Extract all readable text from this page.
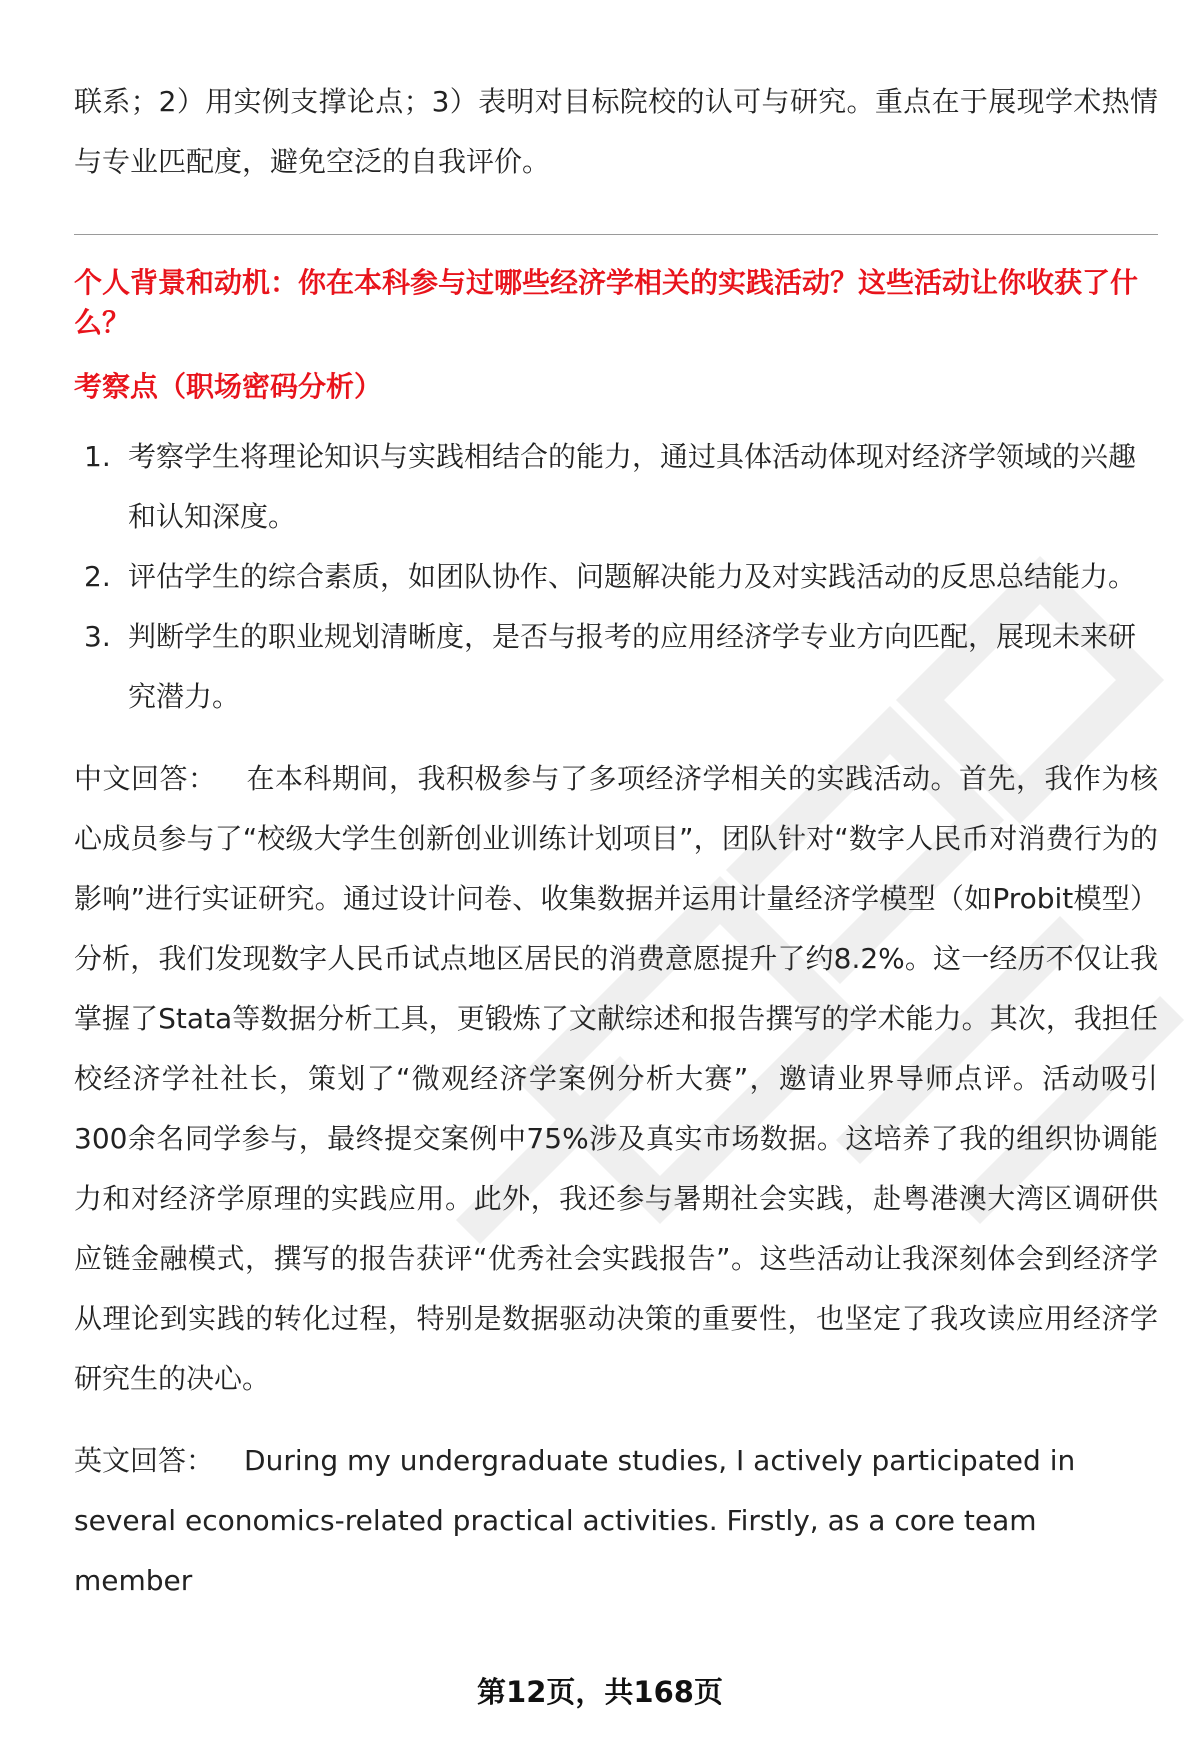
联系；2）用实例支撑论点；3）表明对目标院校的认可与研究。重点在于展现学术热情与专业匹配度，避免空泛的自我评价。

个人背景和动机：你在本科参与过哪些经济学相关的实践活动？这些活动让你收获了什么？

考察点（职场密码分析）

1. 考察学生将理论知识与实践相结合的能力，通过具体活动体现对经济学领域的兴趣和认知深度。
2. 评估学生的综合素质，如团队协作、问题解决能力及对实践活动的反思总结能力。
3. 判断学生的职业规划清晰度，是否与报考的应用经济学专业方向匹配，展现未来研究潜力。

中文回答： 在本科期间，我积极参与了多项经济学相关的实践活动。首先，我作为核心成员参与了“校级大学生创新创业训练计划项目”，团队针对“数字人民币对消费行为的影响”进行实证研究。通过设计问卷、收集数据并运用计量经济学模型（如Probit模型）分析，我们发现数字人民币试点地区居民的消费意愿提升了约8.2%。这一经历不仅让我掌握了Stata等数据分析工具，更锻炼了文献综述和报告撰写的学术能力。其次，我担任校经济学社社长，策划了“微观经济学案例分析大赛”，邀请业界导师点评。活动吸引300余名同学参与，最终提交案例中75%涉及真实市场数据。这培养了我的组织协调能力和对经济学原理的实践应用。此外，我还参与暑期社会实践，赴粤港澳大湾区调研供应链金融模式，撰写的报告获评“优秀社会实践报告”。这些活动让我深刻体会到经济学从理论到实践的转化过程，特别是数据驱动决策的重要性，也坚定了我攻读应用经济学研究生的决心。

英文回答： During my undergraduate studies, I actively participated in several economics-related practical activities. Firstly, as a core team member

第12页，共168页
